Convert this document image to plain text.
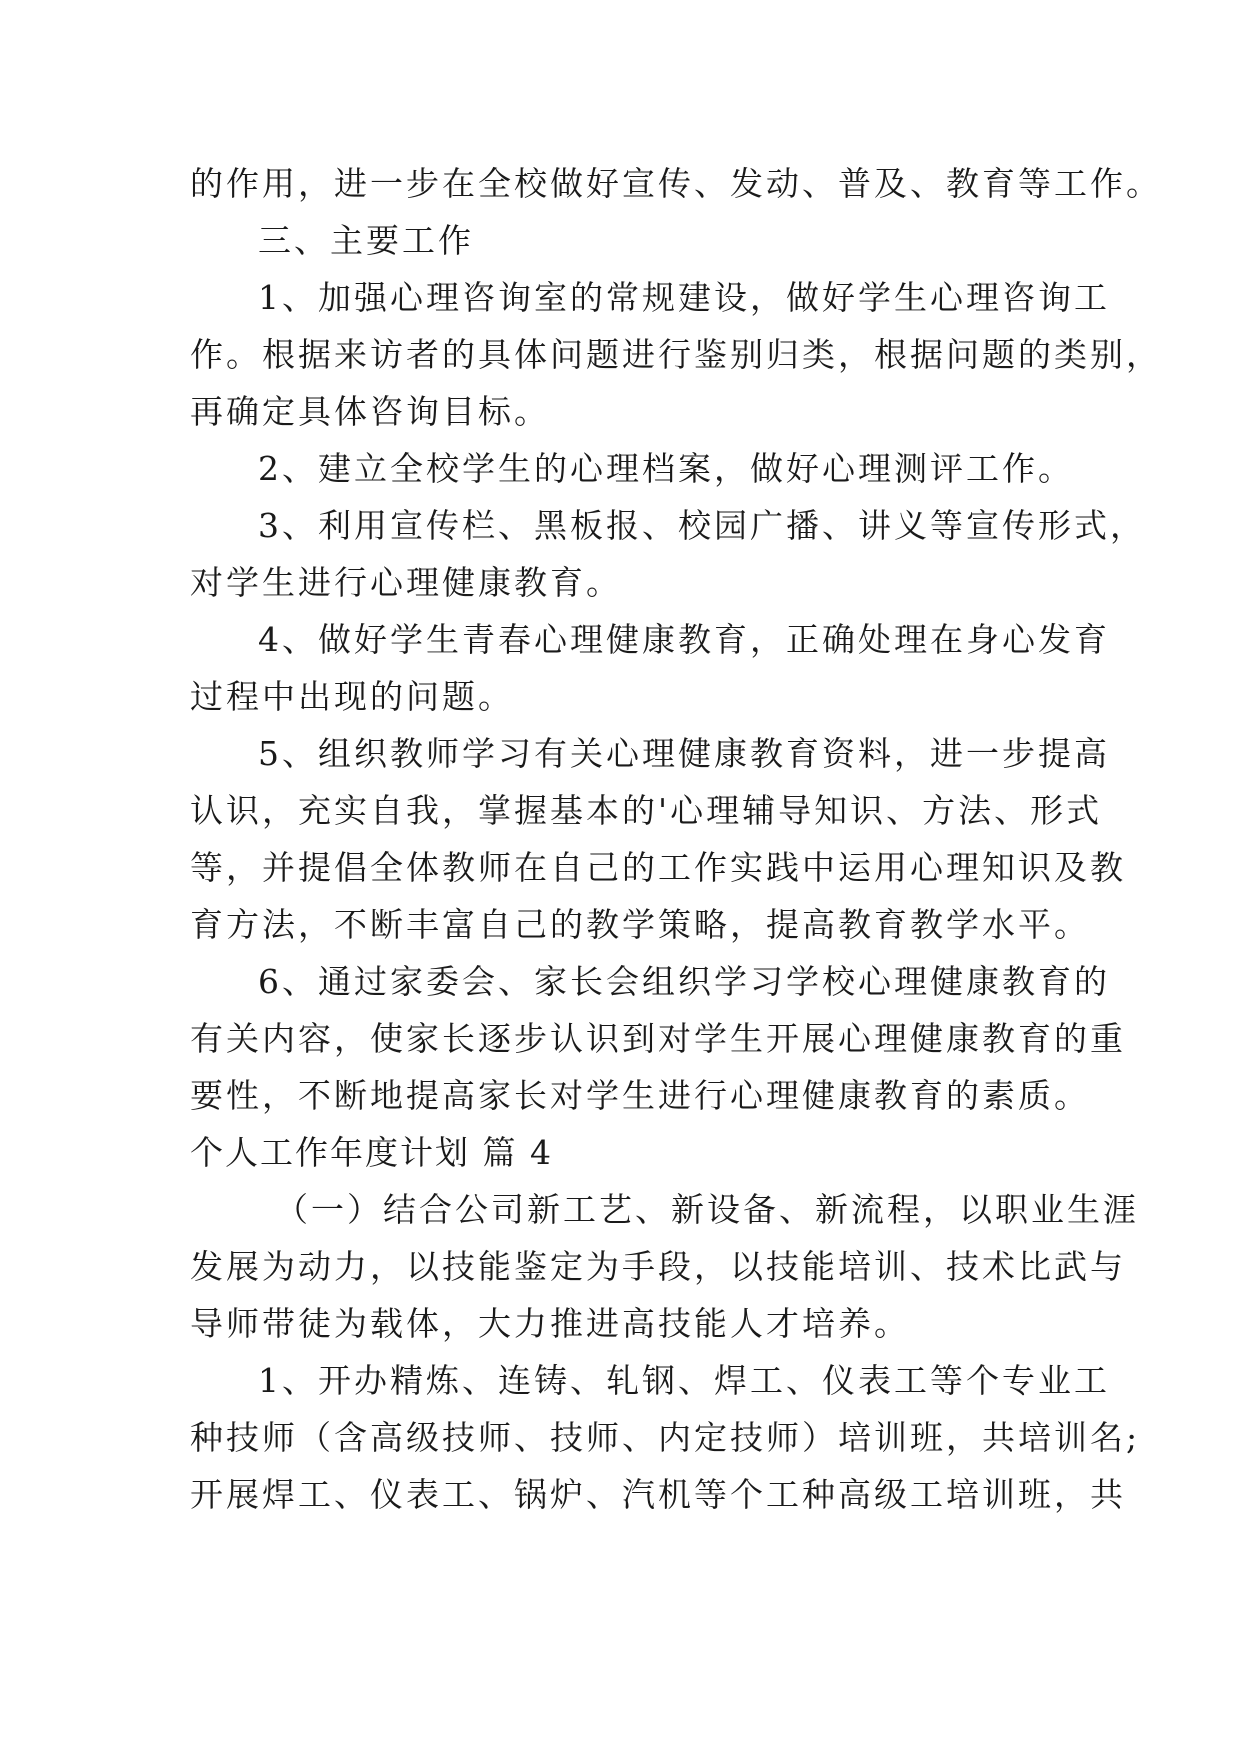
的作用，进一步在全校做好宣传、发动、普及、教育等工作。
三、主要工作
1、加强心理咨询室的常规建设，做好学生心理咨询工
作。根据来访者的具体问题进行鉴别归类，根据问题的类别，
再确定具体咨询目标。
2、建立全校学生的心理档案，做好心理测评工作。
3、利用宣传栏、黑板报、校园广播、讲义等宣传形式，
对学生进行心理健康教育。
4、做好学生青春心理健康教育，正确处理在身心发育
过程中出现的问题。
5、组织教师学习有关心理健康教育资料，进一步提高
认识，充实自我，掌握基本的'心理辅导知识、方法、形式
等，并提倡全体教师在自己的工作实践中运用心理知识及教
育方法，不断丰富自己的教学策略，提高教育教学水平。
6、通过家委会、家长会组织学习学校心理健康教育的
有关内容，使家长逐步认识到对学生开展心理健康教育的重
要性，不断地提高家长对学生进行心理健康教育的素质。
个人工作年度计划 篇 4
（一）结合公司新工艺、新设备、新流程，以职业生涯
发展为动力，以技能鉴定为手段，以技能培训、技术比武与
导师带徒为载体，大力推进高技能人才培养。
1、开办精炼、连铸、轧钢、焊工、仪表工等个专业工
种技师（含高级技师、技师、内定技师）培训班，共培训名;
开展焊工、仪表工、锅炉、汽机等个工种高级工培训班，共
